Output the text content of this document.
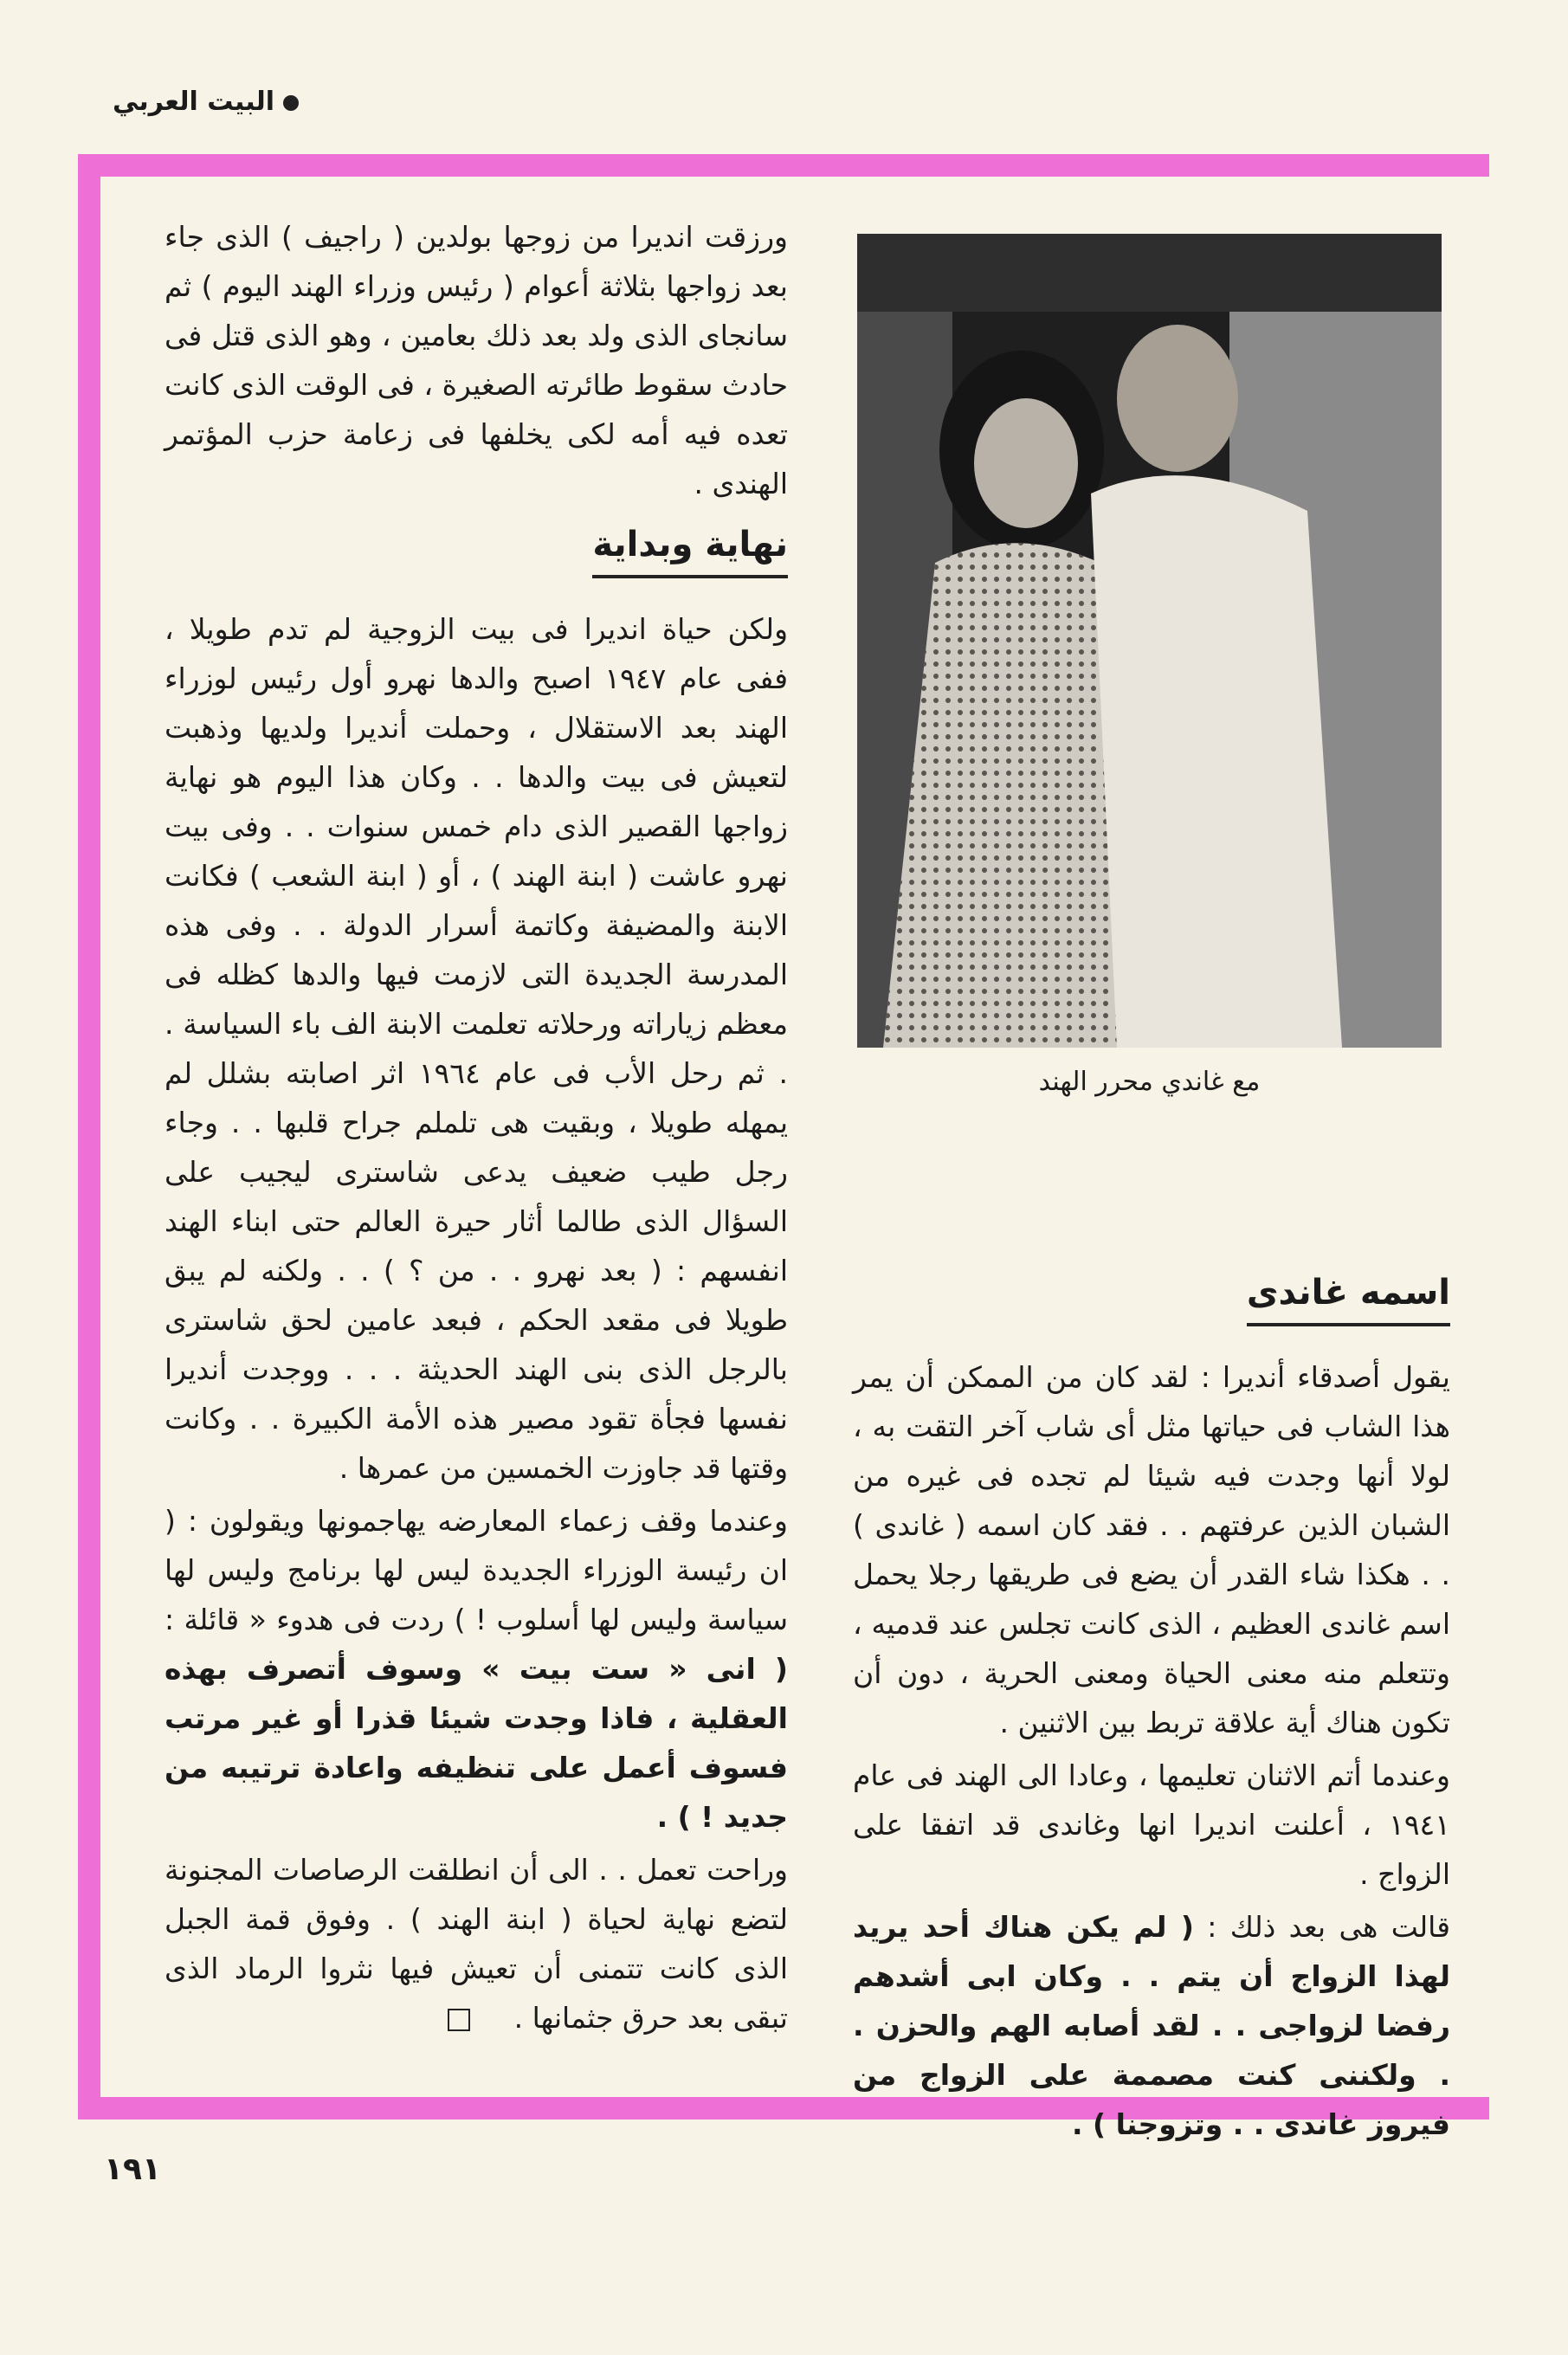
البيت العربي
مع غاندي محرر الهند

ورزقت انديرا من زوجها بولدين ( راجيف ) الذى جاء بعد زواجها بثلاثة أعوام ( رئيس وزراء الهند اليوم ) ثم سانجاى الذى ولد بعد ذلك بعامين ، وهو الذى قتل فى حادث سقوط طائرته الصغيرة ، فى الوقت الذى كانت تعده فيه أمه لكى يخلفها فى زعامة حزب المؤتمر الهندى .

نهاية وبداية

ولكن حياة انديرا فى بيت الزوجية لم تدم طويلا ، ففى عام ١٩٤٧ اصبح والدها نهرو أول رئيس لوزراء الهند بعد الاستقلال ، وحملت أنديرا ولديها وذهبت لتعيش فى بيت والدها . . وكان هذا اليوم هو نهاية زواجها القصير الذى دام خمس سنوات . . وفى بيت نهرو عاشت ( ابنة الهند ) ، أو ( ابنة الشعب ) فكانت الابنة والمضيفة وكاتمة أسرار الدولة . . وفى هذه المدرسة الجديدة التى لازمت فيها والدها كظله فى معظم زياراته ورحلاته تعلمت الابنة الف باء السياسة . . ثم رحل الأب فى عام ١٩٦٤ اثر اصابته بشلل لم يمهله طويلا ، وبقيت هى تلملم جراح قلبها . . وجاء رجل طيب ضعيف يدعى شاسترى ليجيب على السؤال الذى طالما أثار حيرة العالم حتى ابناء الهند انفسهم : ( بعد نهرو . . من ؟ ) . . ولكنه لم يبق طويلا فى مقعد الحكم ، فبعد عامين لحق شاسترى بالرجل الذى بنى الهند الحديثة . . . ووجدت أنديرا نفسها فجأة تقود مصير هذه الأمة الكبيرة . . وكانت وقتها قد جاوزت الخمسين من عمرها .

وعندما وقف زعماء المعارضه يهاجمونها ويقولون : ( ان رئيسة الوزراء الجديدة ليس لها برنامج وليس لها سياسة وليس لها أسلوب ! ) ردت فى هدوء « قائلة : ( انى « ست بيت » وسوف أتصرف بهذه العقلية ، فاذا وجدت شيئا قذرا أو غير مرتب فسوف أعمل على تنظيفه واعادة ترتيبه من جديد ! ) .

وراحت تعمل . . الى أن انطلقت الرصاصات المجنونة لتضع نهاية لحياة ( ابنة الهند ) . وفوق قمة الجبل الذى كانت تتمنى أن تعيش فيها نثروا الرماد الذى تبقى بعد حرق جثمانها .

اسمه غاندى

يقول أصدقاء أنديرا : لقد كان من الممكن أن يمر هذا الشاب فى حياتها مثل أى شاب آخر التقت به ، لولا أنها وجدت فيه شيئا لم تجده فى غيره من الشبان الذين عرفتهم . . فقد كان اسمه ( غاندى ) . . هكذا شاء القدر أن يضع فى طريقها رجلا يحمل اسم غاندى العظيم ، الذى كانت تجلس عند قدميه ، وتتعلم منه معنى الحياة ومعنى الحرية ، دون أن تكون هناك أية علاقة تربط بين الاثنين .

وعندما أتم الاثنان تعليمها ، وعادا الى الهند فى عام ١٩٤١ ، أعلنت انديرا انها وغاندى قد اتفقا على الزواج .

قالت هى بعد ذلك : ( لم يكن هناك أحد يريد لهذا الزواج أن يتم . . وكان ابى أشدهم رفضا لزواجى . . لقد أصابه الهم والحزن . . ولكننى كنت مصممة على الزواج من فيروز غاندى . . وتزوجنا ) .

١٩١
